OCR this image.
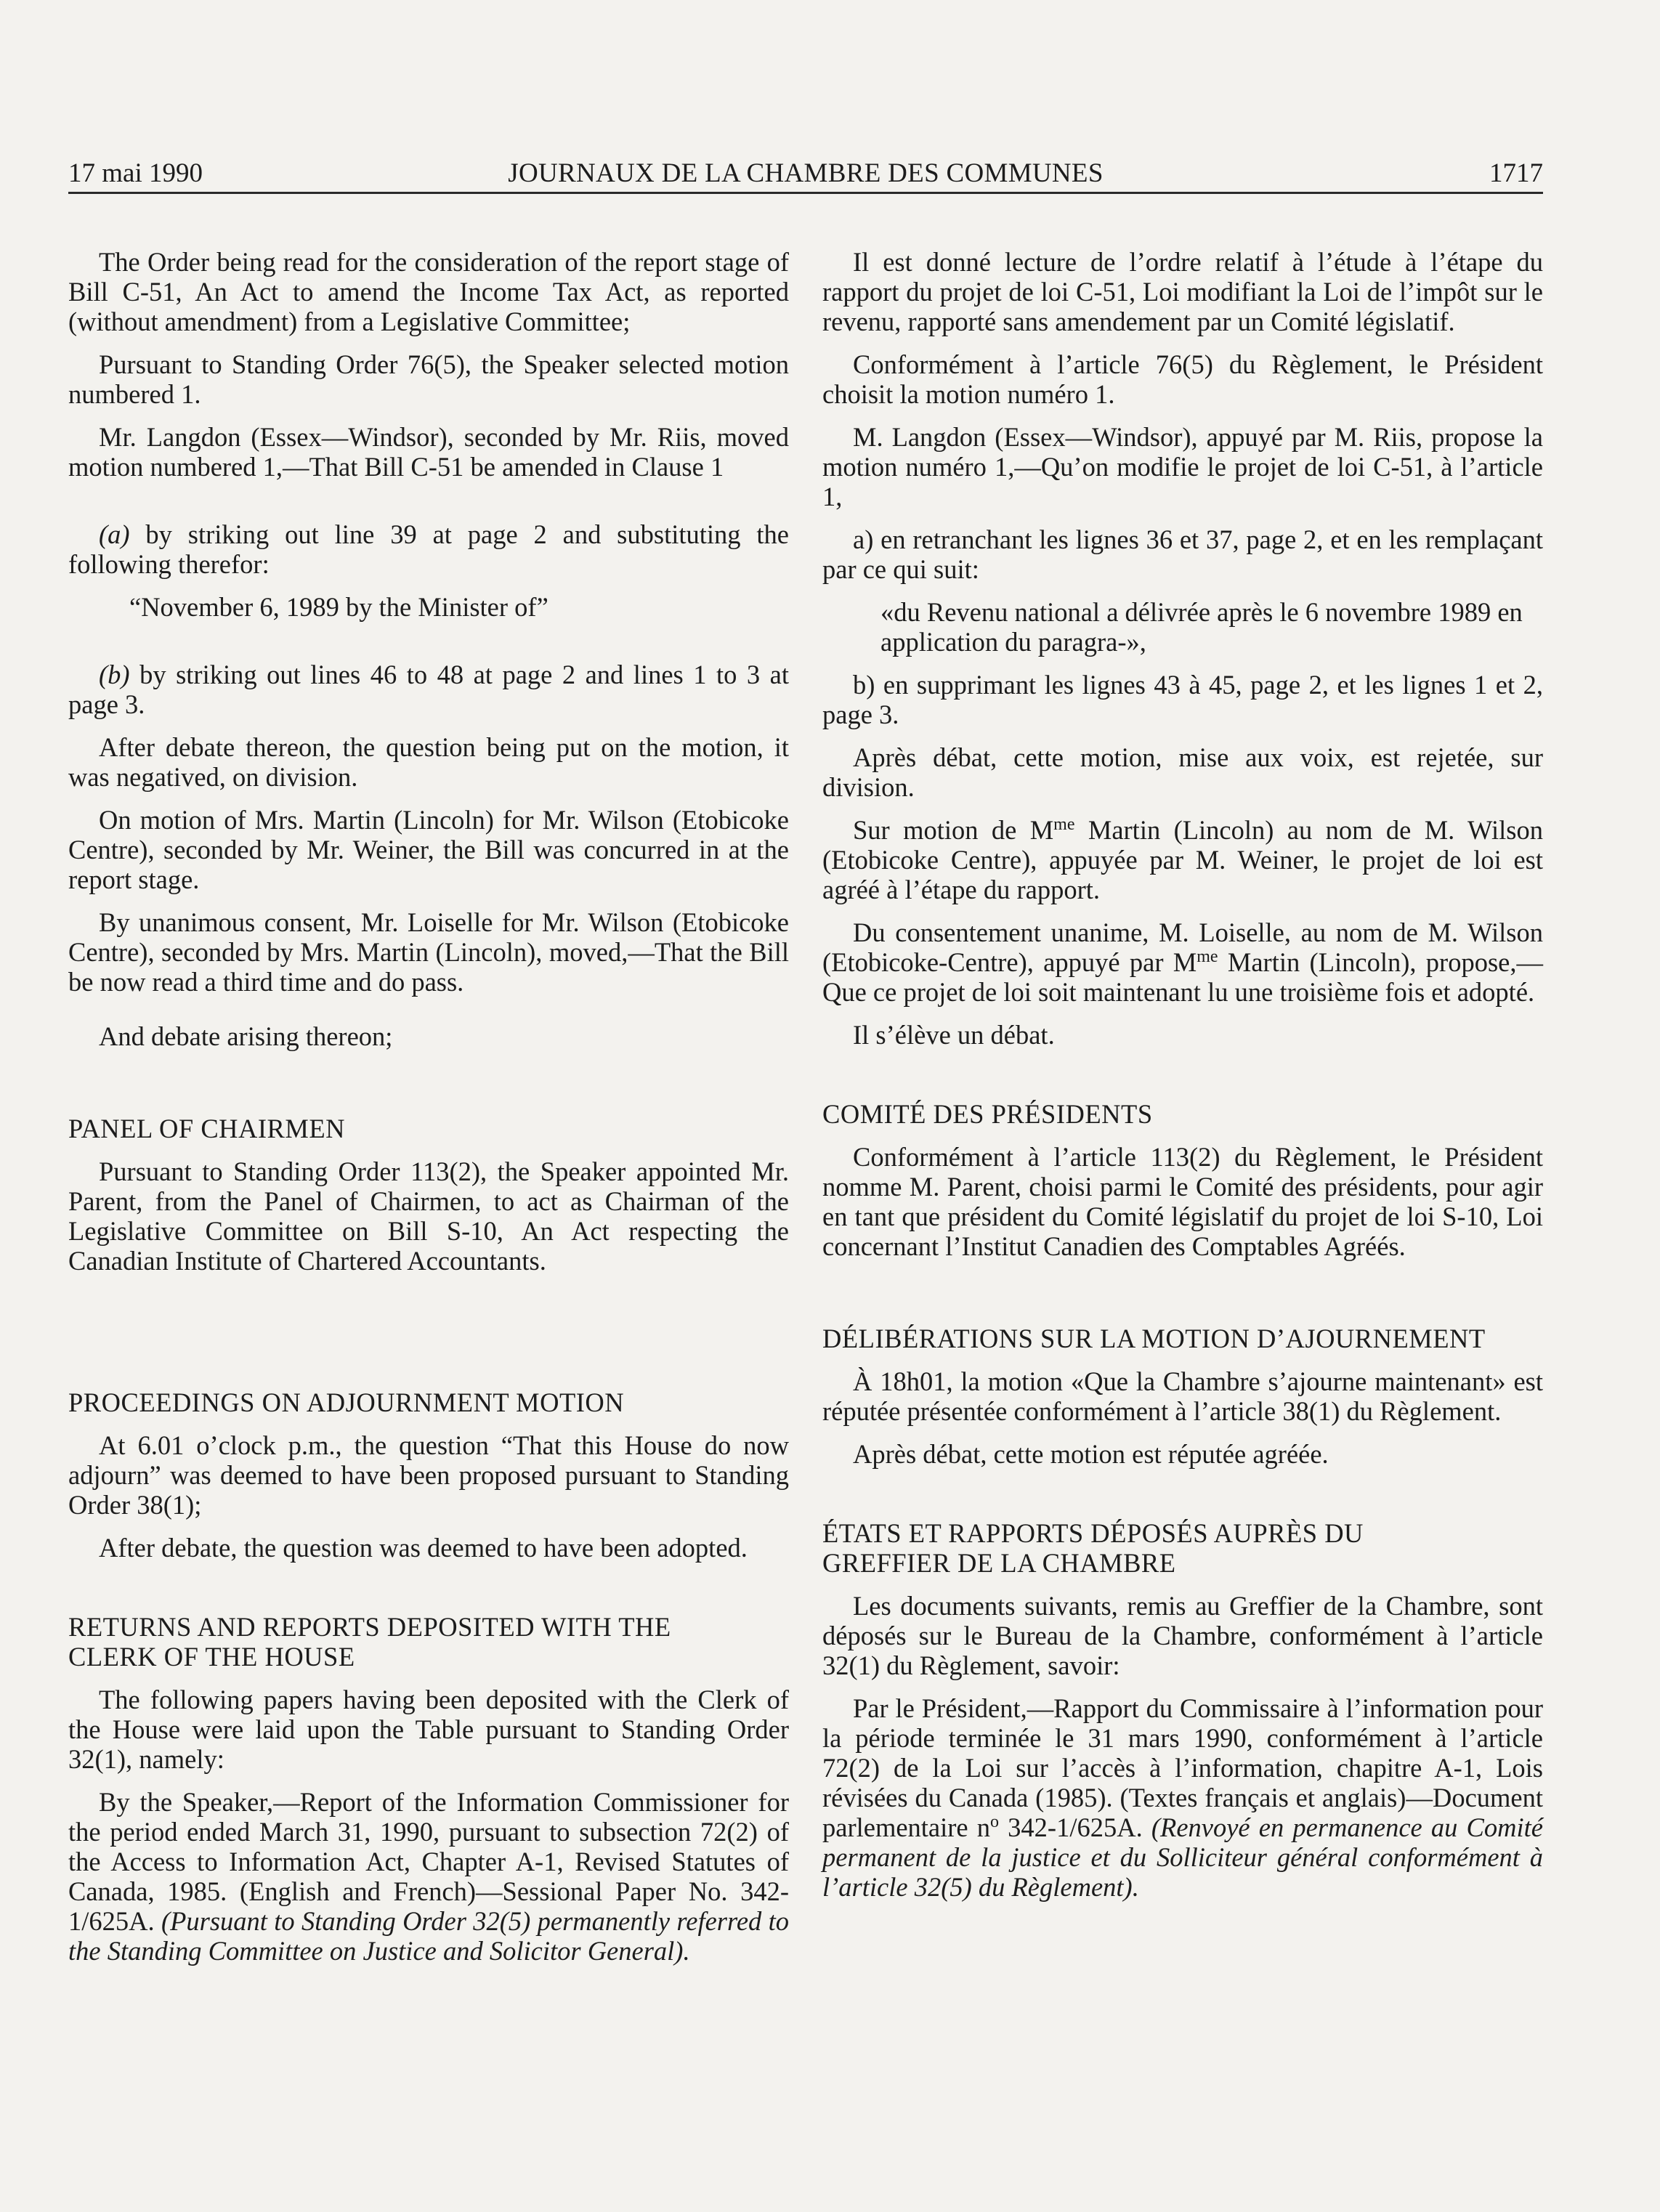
17 mai 1990	JOURNAUX DE LA CHAMBRE DES COMMUNES	1717

The Order being read for the consideration of the report stage of Bill C-51, An Act to amend the Income Tax Act, as reported (without amendment) from a Legislative Committee;

Pursuant to Standing Order 76(5), the Speaker selected motion numbered 1.

Mr. Langdon (Essex—Windsor), seconded by Mr. Riis, moved motion numbered 1,—That Bill C-51 be amended in Clause 1

(a) by striking out line 39 at page 2 and substituting the following therefor:

“November 6, 1989 by the Minister of”

(b) by striking out lines 46 to 48 at page 2 and lines 1 to 3 at page 3.

After debate thereon, the question being put on the motion, it was negatived, on division.

On motion of Mrs. Martin (Lincoln) for Mr. Wilson (Etobicoke Centre), seconded by Mr. Weiner, the Bill was concurred in at the report stage.

By unanimous consent, Mr. Loiselle for Mr. Wilson (Etobicoke Centre), seconded by Mrs. Martin (Lincoln), moved,—That the Bill be now read a third time and do pass.

And debate arising thereon;

PANEL OF CHAIRMEN

Pursuant to Standing Order 113(2), the Speaker appointed Mr. Parent, from the Panel of Chairmen, to act as Chairman of the Legislative Committee on Bill S-10, An Act respecting the Canadian Institute of Chartered Accountants.

PROCEEDINGS ON ADJOURNMENT MOTION

At 6.01 o’clock p.m., the question “That this House do now adjourn” was deemed to have been proposed pursuant to Standing Order 38(1);

After debate, the question was deemed to have been adopted.

RETURNS AND REPORTS DEPOSITED WITH THE
CLERK OF THE HOUSE

The following papers having been deposited with the Clerk of the House were laid upon the Table pursuant to Standing Order 32(1), namely:

By the Speaker,—Report of the Information Commissioner for the period ended March 31, 1990, pursuant to subsection 72(2) of the Access to Information Act, Chapter A-1, Revised Statutes of Canada, 1985. (English and French)—Sessional Paper No. 342-1/625A. (Pursuant to Standing Order 32(5) permanently referred to the Standing Committee on Justice and Solicitor General).

Il est donné lecture de l’ordre relatif à l’étude à l’étape du rapport du projet de loi C-51, Loi modifiant la Loi de l’impôt sur le revenu, rapporté sans amendement par un Comité législatif.

Conformément à l’article 76(5) du Règlement, le Président choisit la motion numéro 1.

M. Langdon (Essex—Windsor), appuyé par M. Riis, propose la motion numéro 1,—Qu’on modifie le projet de loi C-51, à l’article 1,

a) en retranchant les lignes 36 et 37, page 2, et en les remplaçant par ce qui suit:

«du Revenu national a délivrée après le 6 novembre 1989 en application du paragra-»,

b) en supprimant les lignes 43 à 45, page 2, et les lignes 1 et 2, page 3.

Après débat, cette motion, mise aux voix, est rejetée, sur division.

Sur motion de $M^{me}$ Martin (Lincoln) au nom de M. Wilson (Etobicoke Centre), appuyée par M. Weiner, le projet de loi est agréé à l’étape du rapport.

Du consentement unanime, M. Loiselle, au nom de M. Wilson (Etobicoke-Centre), appuyé par $M^{me}$ Martin (Lincoln), propose,—Que ce projet de loi soit maintenant lu une troisième fois et adopté.

Il s’élève un débat.

COMITÉ DES PRÉSIDENTS

Conformément à l’article 113(2) du Règlement, le Président nomme M. Parent, choisi parmi le Comité des présidents, pour agir en tant que président du Comité législatif du projet de loi S-10, Loi concernant l’Institut Canadien des Comptables Agréés.

DÉLIBÉRATIONS SUR LA MOTION D’AJOURNEMENT

À 18h01, la motion «Que la Chambre s’ajourne maintenant» est réputée présentée conformément à l’article 38(1) du Règlement.

Après débat, cette motion est réputée agréée.

ÉTATS ET RAPPORTS DÉPOSÉS AUPRÈS DU
GREFFIER DE LA CHAMBRE

Les documents suivants, remis au Greffier de la Chambre, sont déposés sur le Bureau de la Chambre, conformément à l’article 32(1) du Règlement, savoir:

Par le Président,—Rapport du Commissaire à l’information pour la période terminée le 31 mars 1990, conformément à l’article 72(2) de la Loi sur l’accès à l’information, chapitre A-1, Lois révisées du Canada (1985). (Textes français et anglais)—Document parlementaire $n^o$ 342-1/625A. (Renvoyé en permanence au Comité permanent de la justice et du Solliciteur général conformément à l’article 32(5) du Règlement).
